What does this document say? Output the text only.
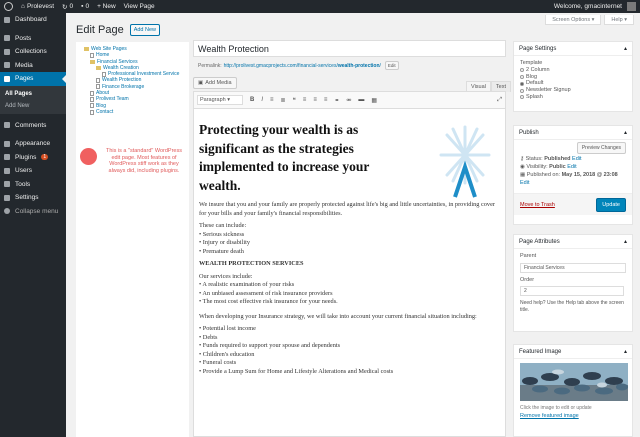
⌂ Prolevest ↻ 0 ▪ 0	+ New	View Page	Welcome, gmacinternet
Dashboard
Posts
Collections
Media
Pages
All Pages
Add New
Comments
Appearance
Plugins	1
Users
Tools
Settings
Collapse menu
Screen Options ▾	Help ▾
Edit Page	Add New
Web Site Pages
Home
Financial Services
Wealth Creation
Professional Investment Service
Wealth Protection
Finance Brokerage
About
Prolivest Team
Blog
Contact

This is a "standard" WordPress edit page. Most features of WordPress stiff work as they always did, including plugins.

Wealth Protection
Permalink: http://prolivest.gmacprojects.com/financial-services/wealth-protection/	Edit
▣ Add Media
Visual	Text
Paragraph ▾	B I ≡ ≣ ❝ ≡ ≡ ≡ ⚭ ⚮ ▬ ▦	⤢
Protecting your wealth is as significant as the strategies implemented to increase your wealth.

We insure that you and your family are properly protected against life's big and little uncertainties, in providing cover for your bills and your family's financial responsibilities.

These can include:
• Serious sickness
• Injury or disability
• Premature death
WEALTH PROTECTION SERVICES
Our services include:
• A realistic examination of your risks
• An unbiased assessment of risk insurance providers
• The most cost effective risk insurance for your needs.

When developing your Insurance strategy, we will take into account your current financial situation including:

• Potential lost income
• Debts
• Funds required to support your spouse and dependents
• Children's education
• Funeral costs
• Provide a Lump Sum for Home and Lifestyle Alterations and Medical costs
Page Settings	▴
Template
2 Column
Blog
Default
Newsletter Signup
Splash
Publish	▴
Preview Changes
⚷ Status: Published Edit
◉ Visibility: Public Edit
▦ Published on: May 15, 2018 @ 23:08 Edit
Move to Trash	Update
Page Attributes	▴
Parent
Financial Services
Order
2
Need help? Use the Help tab above the screen title.
Featured Image	▴
Click the image to edit or update
Remove featured image
